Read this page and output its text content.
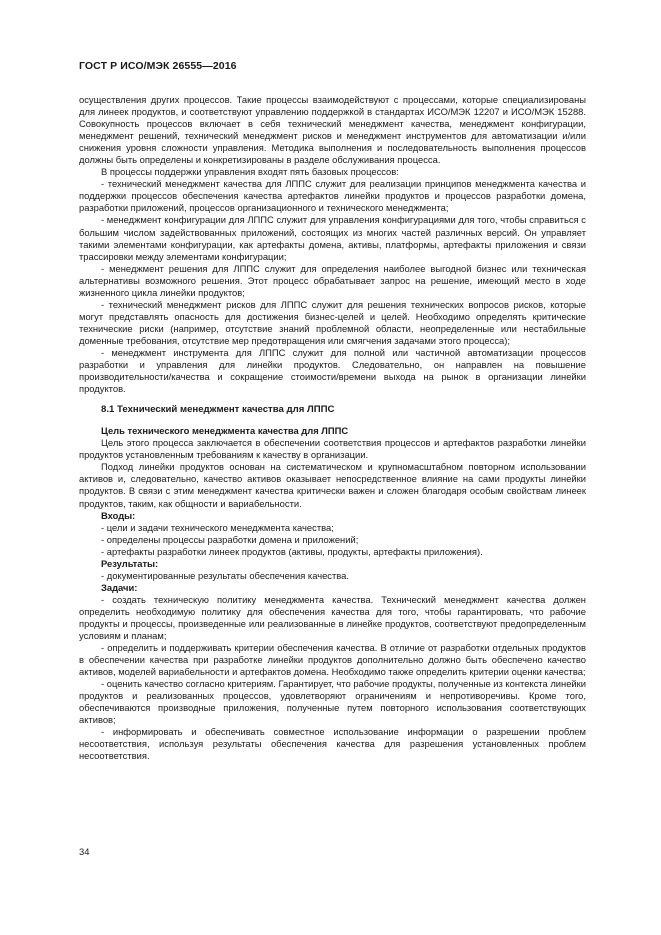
ГОСТ Р ИСО/МЭК 26555—2016

осуществления других процессов. Такие процессы взаимодействуют с процессами, которые специализированы для линеек продуктов, и соответствуют управлению поддержкой в стандартах ИСО/МЭК 12207 и ИСО/МЭК 15288. Совокупность процессов включает в себя технический менеджмент качества, менеджмент конфигурации, менеджмент решений, технический менеджмент рисков и менеджмент инструментов для автоматизации и/или снижения уровня сложности управления. Методика выполнения и последовательность выполнения процессов должны быть определены и конкретизированы в разделе обслуживания процесса.

В процессы поддержки управления входят пять базовых процессов:

- технический менеджмент качества для ЛППС служит для реализации принципов менеджмента качества и поддержки процессов обеспечения качества артефактов линейки продуктов и процессов разработки домена, разработки приложений, процессов организационного и технического менеджмента;

- менеджмент конфигурации для ЛППС служит для управления конфигурациями для того, чтобы справиться с большим числом задействованных приложений, состоящих из многих частей различных версий. Он управляет такими элементами конфигурации, как артефакты домена, активы, платформы, артефакты приложения и связи трассировки между элементами конфигурации;

- менеджмент решения для ЛППС служит для определения наиболее выгодной бизнес или техническая альтернативы возможного решения. Этот процесс обрабатывает запрос на решение, имеющий место в ходе жизненного цикла линейки продуктов;

- технический менеджмент рисков для ЛППС служит для решения технических вопросов рисков, которые могут представлять опасность для достижения бизнес-целей и целей. Необходимо определять критические технические риски (например, отсутствие знаний проблемной области, неопределенные или нестабильные доменные требования, отсутствие мер предотвращения или смягчения задачами этого процесса);

- менеджмент инструмента для ЛППС служит для полной или частичной автоматизации процессов разработки и управления для линейки продуктов. Следовательно, он направлен на повышение производительности/качества и сокращение стоимости/времени выхода на рынок в организации линейки продуктов.

8.1 Технический менеджмент качества для ЛППС
Цель технического менеджмента качества для ЛППС

Цель этого процесса заключается в обеспечении соответствия процессов и артефактов разработки линейки продуктов установленным требованиям к качеству в организации.

Подход линейки продуктов основан на систематическом и крупномасштабном повторном использовании активов и, следовательно, качество активов оказывает непосредственное влияние на сами продукты линейки продуктов. В связи с этим менеджмент качества критически важен и сложен благодаря особым свойствам линеек продуктов, таким, как общности и вариабельности.

Входы:

- цели и задачи технического менеджмента качества;

- определены процессы разработки домена и приложений;

- артефакты разработки линеек продуктов (активы, продукты, артефакты приложения).

Результаты:

- документированные результаты обеспечения качества.

Задачи:

- создать техническую политику менеджмента качества. Технический менеджмент качества должен определить необходимую политику для обеспечения качества для того, чтобы гарантировать, что рабочие продукты и процессы, произведенные или реализованные в линейке продуктов, соответствуют предопределенным условиям и планам;

- определить и поддерживать критерии обеспечения качества. В отличие от разработки отдельных продуктов в обеспечении качества при разработке линейки продуктов дополнительно должно быть обеспечено качество активов, моделей вариабельности и артефактов домена. Необходимо также определить критерии оценки качества;

- оценить качество согласно критериям. Гарантирует, что рабочие продукты, полученные из контекста линейки продуктов и реализованных процессов, удовлетворяют ограничениям и непротиворечивы. Кроме того, обеспечиваются производные приложения, полученные путем повторного использования соответствующих активов;

- информировать и обеспечивать совместное использование информации о разрешении проблем несоответствия, используя результаты обеспечения качества для разрешения установленных проблем несоответствия.

34
